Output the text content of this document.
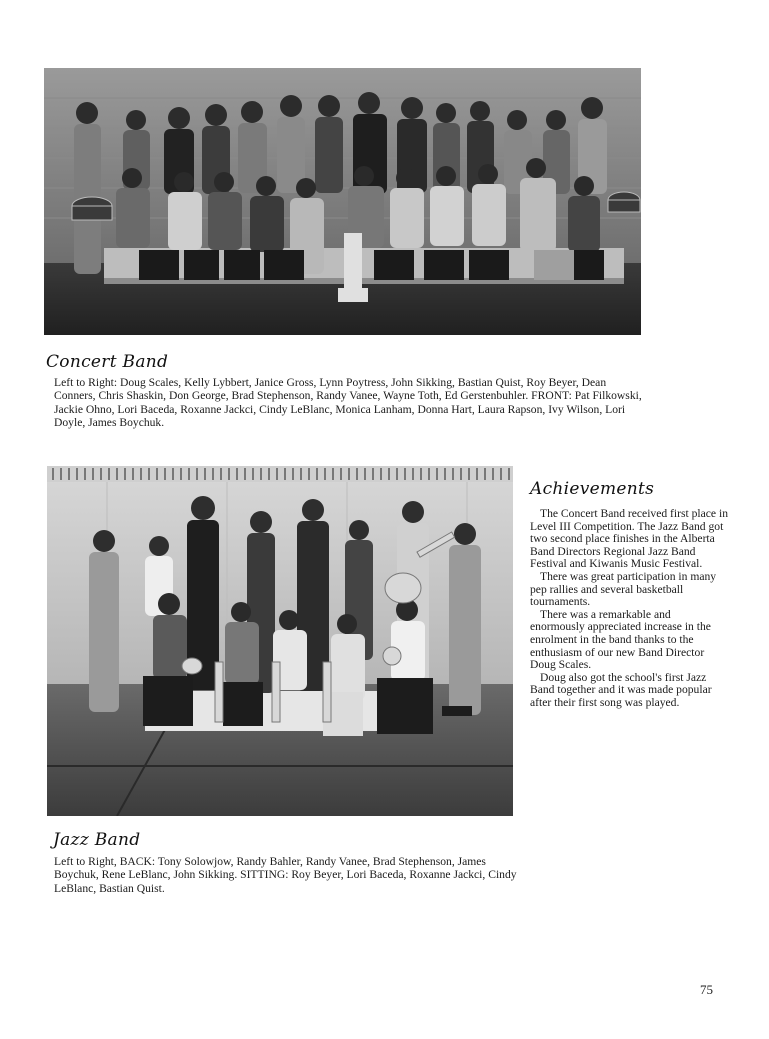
Concert Band

Left to Right: Doug Scales, Kelly Lybbert, Janice Gross, Lynn Poytress, John Sikking, Bastian Quist, Roy Beyer, Dean Conners, Chris Shaskin, Don George, Brad Stephenson, Randy Vanee, Wayne Toth, Ed Gerstenbuhler. FRONT: Pat Filkowski, Jackie Ohno, Lori Baceda, Roxanne Jackci, Cindy LeBlanc, Monica Lanham, Donna Hart, Laura Rapson, Ivy Wilson, Lori Doyle, James Boychuk.

Achievements

The Concert Band received first place in Level III Competition. The Jazz Band got two second place finishes in the Alberta Band Directors Regional Jazz Band Festival and Kiwanis Music Festival.

There was great participation in many pep rallies and several basketball tournaments.

There was a remarkable and enormously appreciated increase in the enrolment in the band thanks to the enthusiasm of our new Band Director Doug Scales.

Doug also got the school's first Jazz Band together and it was made popular after their first song was played.

Jazz Band

Left to Right, BACK: Tony Solowjow, Randy Bahler, Randy Vanee, Brad Stephenson, James Boychuk, Rene LeBlanc, John Sikking. SITTING: Roy Beyer, Lori Baceda, Roxanne Jackci, Cindy LeBlanc, Bastian Quist.

75
